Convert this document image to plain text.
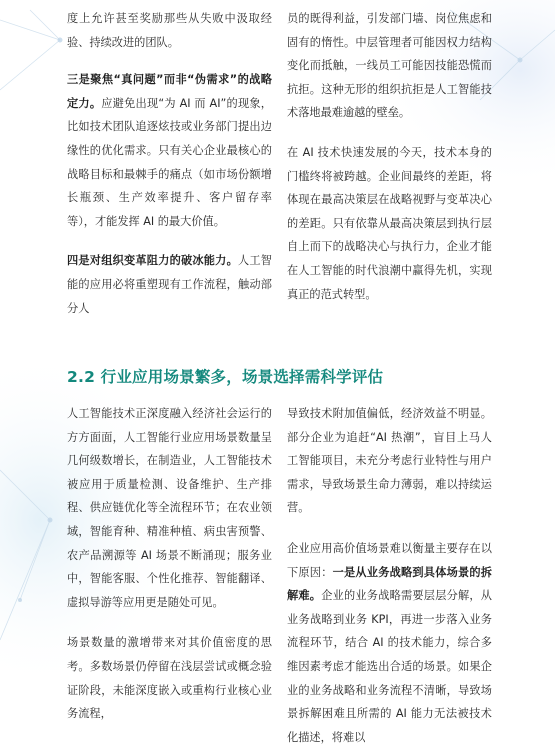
度上允许甚至奖励那些从失败中汲取经验、持续改进的团队。

三是聚焦“真问题”而非“伪需求”的战略定力。应避免出现“为 AI 而 AI”的现象，比如技术团队追逐炫技或业务部门提出边缘性的优化需求。只有关心企业最核心的战略目标和最棘手的痛点（如市场份额增长瓶颈、生产效率提升、客户留存率等），才能发挥 AI 的最大价值。

四是对组织变革阻力的破冰能力。人工智能的应用必将重塑现有工作流程，触动部分人

员的既得利益，引发部门墙、岗位焦虑和固有的惰性。中层管理者可能因权力结构变化而抵触，一线员工可能因技能恐慌而抗拒。这种无形的组织抗拒是人工智能技术落地最难逾越的壁垒。

在 AI 技术快速发展的今天，技术本身的门槛终将被跨越。企业间最终的差距，将体现在最高决策层在战略视野与变革决心的差距。只有依靠从最高决策层到执行层自上而下的战略决心与执行力，企业才能在人工智能的时代浪潮中赢得先机，实现真正的范式转型。

2.2 行业应用场景繁多，场景选择需科学评估

人工智能技术正深度融入经济社会运行的方方面面，人工智能行业应用场景数量呈几何级数增长，在制造业，人工智能技术被应用于质量检测、设备维护、生产排程、供应链优化等全流程环节；在农业领域，智能育种、精准种植、病虫害预警、农产品溯源等 AI 场景不断涌现；服务业中，智能客服、个性化推荐、智能翻译、虚拟导游等应用更是随处可见。

场景数量的激增带来对其价值密度的思考。多数场景仍停留在浅层尝试或概念验证阶段，未能深度嵌入或重构行业核心业务流程，

导致技术附加值偏低，经济效益不明显。部分企业为追赶“AI 热潮”，盲目上马人工智能项目，未充分考虑行业特性与用户需求，导致场景生命力薄弱，难以持续运营。

企业应用高价值场景难以衡量主要存在以下原因：一是从业务战略到具体场景的拆解难。企业的业务战略需要层层分解，从业务战略到业务 KPI，再进一步落入业务流程环节，结合 AI 的技术能力，综合多维因素考虑才能选出合适的场景。如果企业的业务战略和业务流程不清晰，导致场景拆解困难且所需的 AI 能力无法被技术化描述，将难以
